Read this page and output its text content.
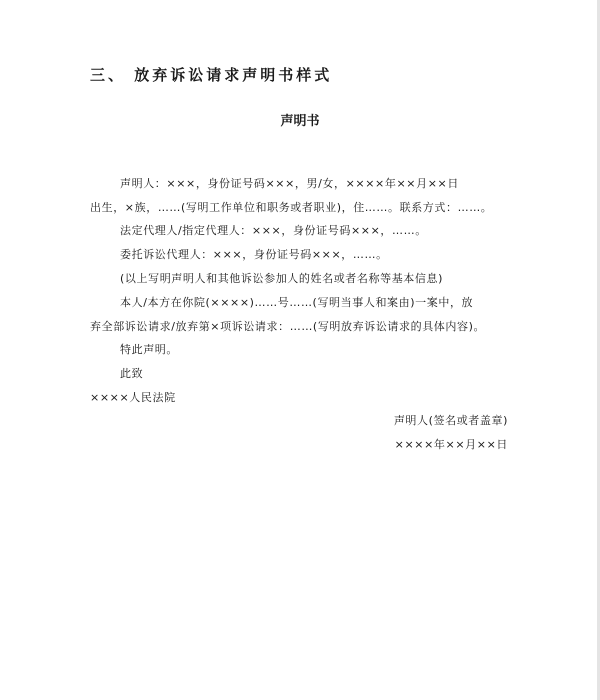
三、 放弃诉讼请求声明书样式
声明书

声明人：×××，身份证号码×××，男/女，××××年××月××日

出生，×族，……(写明工作单位和职务或者职业)，住……。联系方式：……。

法定代理人/指定代理人：×××，身份证号码×××，……。

委托诉讼代理人：×××，身份证号码×××，……。

(以上写明声明人和其他诉讼参加人的姓名或者名称等基本信息)

本人/本方在你院(××××)……号……(写明当事人和案由)一案中，放

弃全部诉讼请求/放弃第×项诉讼请求：……(写明放弃诉讼请求的具体内容)。

特此声明。

此致

××××人民法院

声明人(签名或者盖章)

××××年××月××日
